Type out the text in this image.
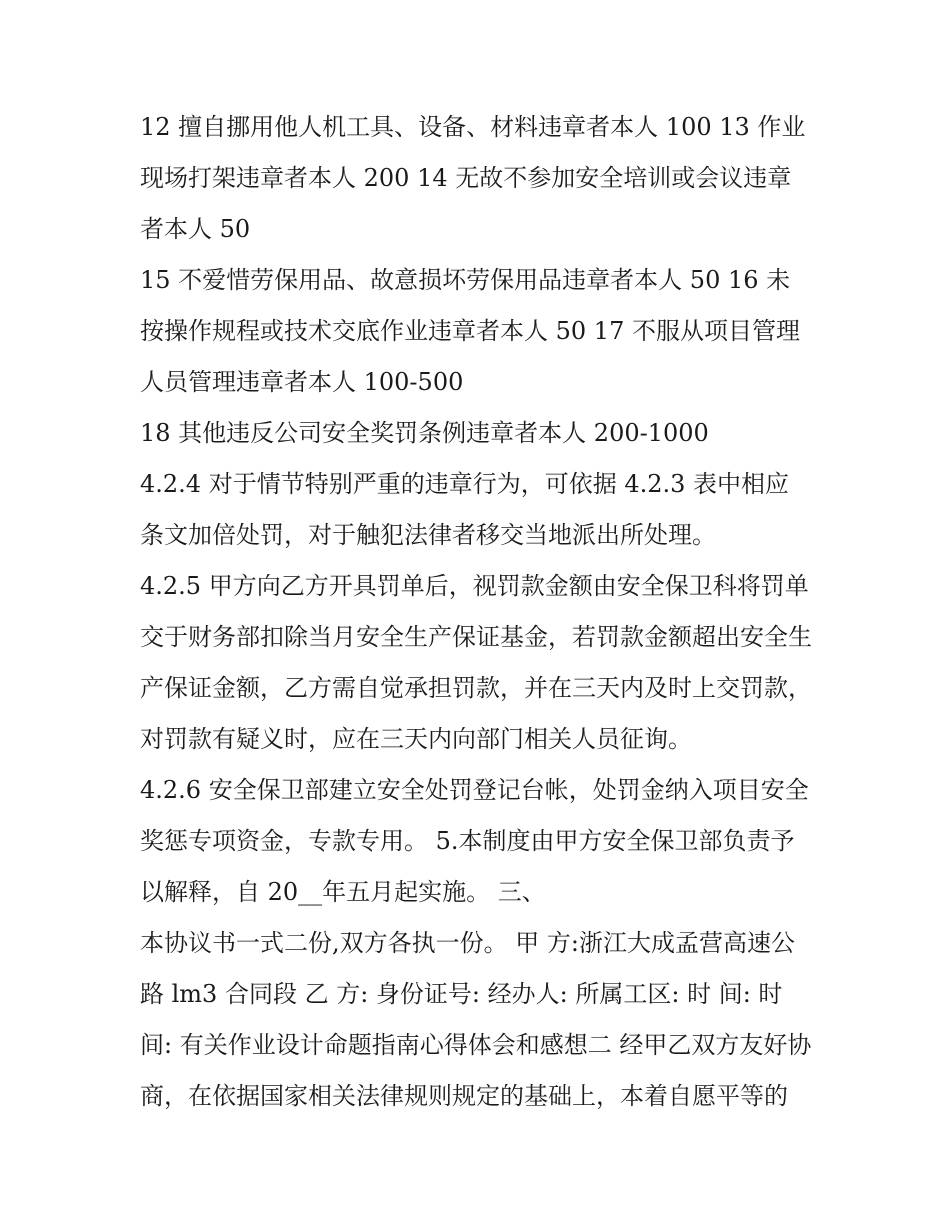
12 擅自挪用他人机工具、设备、材料违章者本人 100 13 作业现场打架违章者本人 200 14 无故不参加安全培训或会议违章者本人 50

15 不爱惜劳保用品、故意损坏劳保用品违章者本人 50 16 未按操作规程或技术交底作业违章者本人 50 17 不服从项目管理人员管理违章者本人 100-500

18 其他违反公司安全奖罚条例违章者本人 200-1000

4.2.4 对于情节特别严重的违章行为，可依据 4.2.3 表中相应条文加倍处罚，对于触犯法律者移交当地派出所处理。

4.2.5 甲方向乙方开具罚单后，视罚款金额由安全保卫科将罚单交于财务部扣除当月安全生产保证基金，若罚款金额超出安全生产保证金额，乙方需自觉承担罚款，并在三天内及时上交罚款，对罚款有疑义时，应在三天内向部门相关人员征询。

4.2.6 安全保卫部建立安全处罚登记台帐，处罚金纳入项目安全奖惩专项资金，专款专用。 5.本制度由甲方安全保卫部负责予以解释，自 20__年五月起实施。 三、

本协议书一式二份,双方各执一份。 甲 方:浙江大成孟营高速公路 lm3 合同段 乙 方: 身份证号: 经办人: 所属工区: 时 间: 时 间: 有关作业设计命题指南心得体会和感想二 经甲乙双方友好协商，在依据国家相关法律规则规定的基础上，本着自愿平等的
